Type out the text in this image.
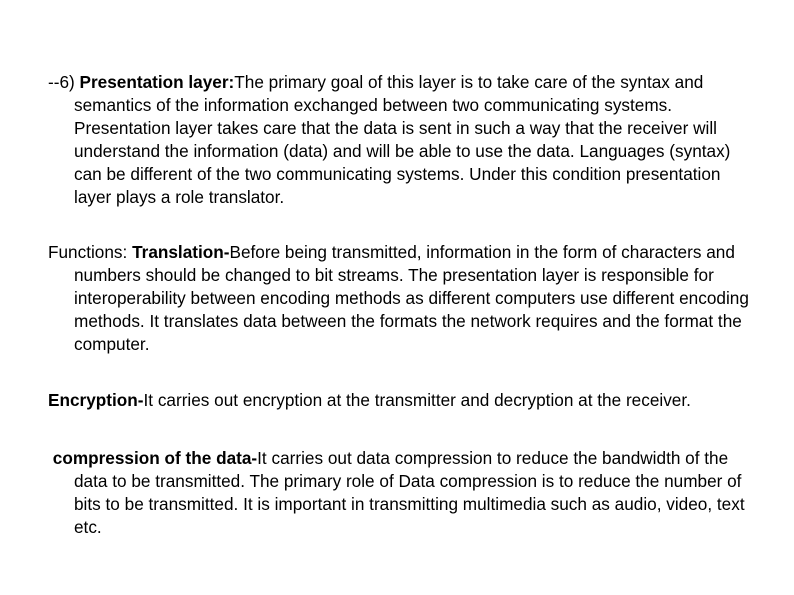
--6) Presentation layer:The primary goal of this layer is to take care of the syntax and semantics of the information exchanged between two communicating systems. Presentation layer takes care that the data is sent in such a way that the receiver will understand the information (data) and will be able to use the data. Languages (syntax) can be different of the two communicating systems. Under this condition presentation layer plays a role translator.

Functions: Translation-Before being transmitted, information in the form of characters and numbers should be changed to bit streams. The presentation layer is responsible for interoperability between encoding methods as different computers use different encoding methods. It translates data between the formats the network requires and the format the computer.

Encryption-It carries out encryption at the transmitter and decryption at the receiver.

compression of the data-It carries out data compression to reduce the bandwidth of the data to be transmitted. The primary role of Data compression is to reduce the number of bits to be transmitted. It is important in transmitting multimedia such as audio, video, text etc.
